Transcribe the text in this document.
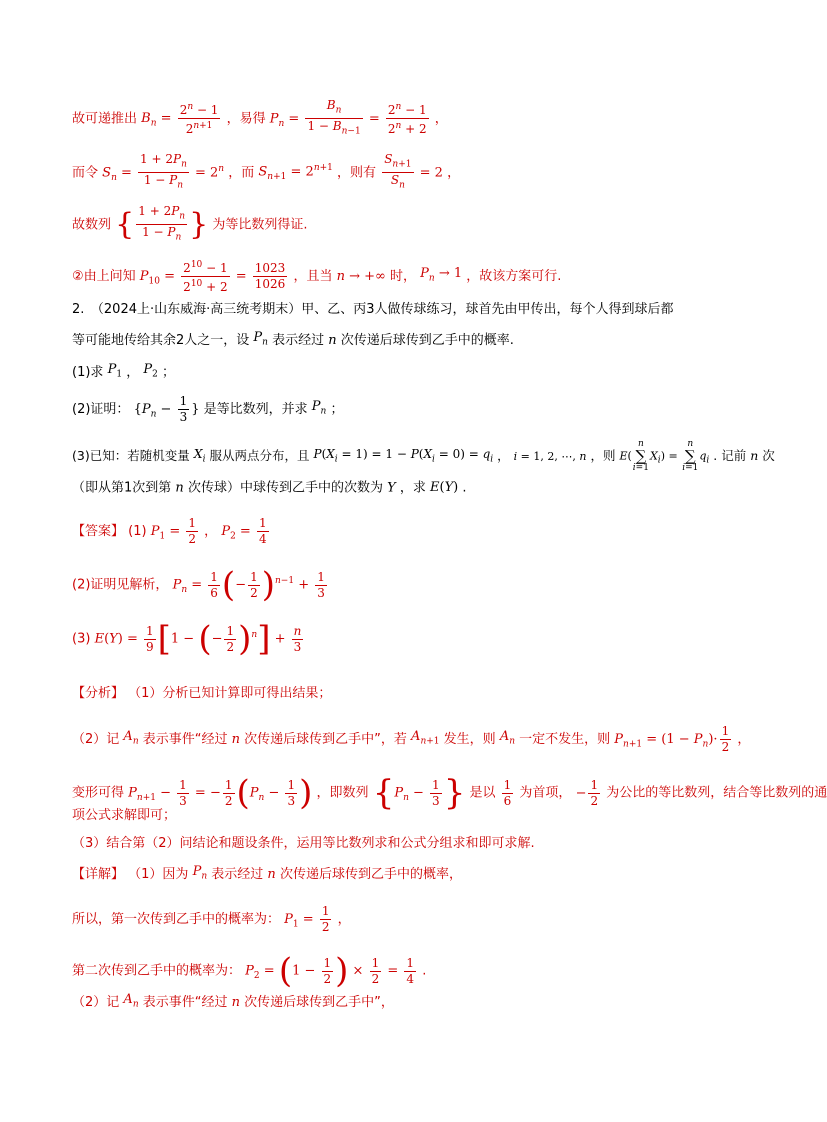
故可递推出 $B_n = \frac{2^n - 1}{2^{n+1}}$ ，易得 $P_n = \frac{B_n}{1 - B_{n-1}} = \frac{2^n - 1}{2^n + 2}$ ，
而令 $S_n = \frac{1 + 2P_n}{1 - P_n} = 2^n$ ，而 $S_{n+1} = 2^{n+1}$ ，则有 $\frac{S_{n+1}}{S_n} = 2$ ，
故数列 { $\frac{1 + 2P_n}{1 - P_n}$ } 为等比数列得证.
②由上问知 $P_{10} = \frac{2^{10} - 1}{2^{10} + 2} = \frac{1023}{1026}$ ，且当 n → +∞ 时， $P_n \to 1$ ，故该方案可行.
2.　（2024上·山东威海·高三统考期末）甲、乙、丙3人做传球练习，球首先由甲传出，每个人得到球后都
等可能地传给其余2人之一，设 $P_n$ 表示经过 n 次传递后球传到乙手中的概率.
(1)求 $P_1$ ， $P_2$ ；
(2)证明： {$P_n - \frac{1}{3}$ } 是等比数列，并求 $P_n$ ；
(3)已知：若随机变量 $X_i$ 服从两点分布，且 $P(X_i = 1) = 1 - P(X_i = 0) = q_i$ ， i = 1, 2, ⋯, n ，则 E(n
∑
$i=1X_i) = n$
∑
$i=1q_i$ . 记前 n 次
（即从第1次到第 n 次传球）中球传到乙手中的次数为 Y ，求 E(Y) .
【答案】 (1) $P_1 = \frac{1}{2}$ ， $P_2 = \frac{1}{4}$
(2)证明见解析， $P_n = \frac{1}{6}$ (− $\frac{1}{2} )^{n-1} + \frac{1}{3}$
(3) $E(Y) = \frac{1}{9} [1$ − (− $\frac{1}{2} )^n] + \frac{n}{3}$
【分析】 （1）分析已知计算即可得出结果；
（2）记 $A_n$ 表示事件“经过 n 次传递后球传到乙手中”，若 $A_{n+1}$ 发生，则 $A_n$ 一定不发生，则 $P_{n+1} = (1 - P_n)\cdot \frac{1}{2}$ ，
变形可得 $P_{n+1} - \frac{1}{3}$ = − $\frac{1}{2} (P_n - \frac{1}{3}$ ) ，即数列 {$P_n - \frac{1}{3}$ } 是以 $\frac{1}{6}$ 为首项， − $\frac{1}{2}$ 为公比的等比数列，结合等比数列的通
项公式求解即可；
（3）结合第（2）问结论和题设条件，运用等比数列求和公式分组求和即可求解.
【详解】 （1）因为 $P_n$ 表示经过 n 次传递后球传到乙手中的概率，
所以，第一次传到乙手中的概率为： $P_1 = \frac{1}{2}$ ，
第二次传到乙手中的概率为： $P_2 = (1 - \frac{1}{2}$ ) × $\frac{1}{2} = \frac{1}{4}$ .
（2）记 $A_n$ 表示事件“经过 n 次传递后球传到乙手中”，
